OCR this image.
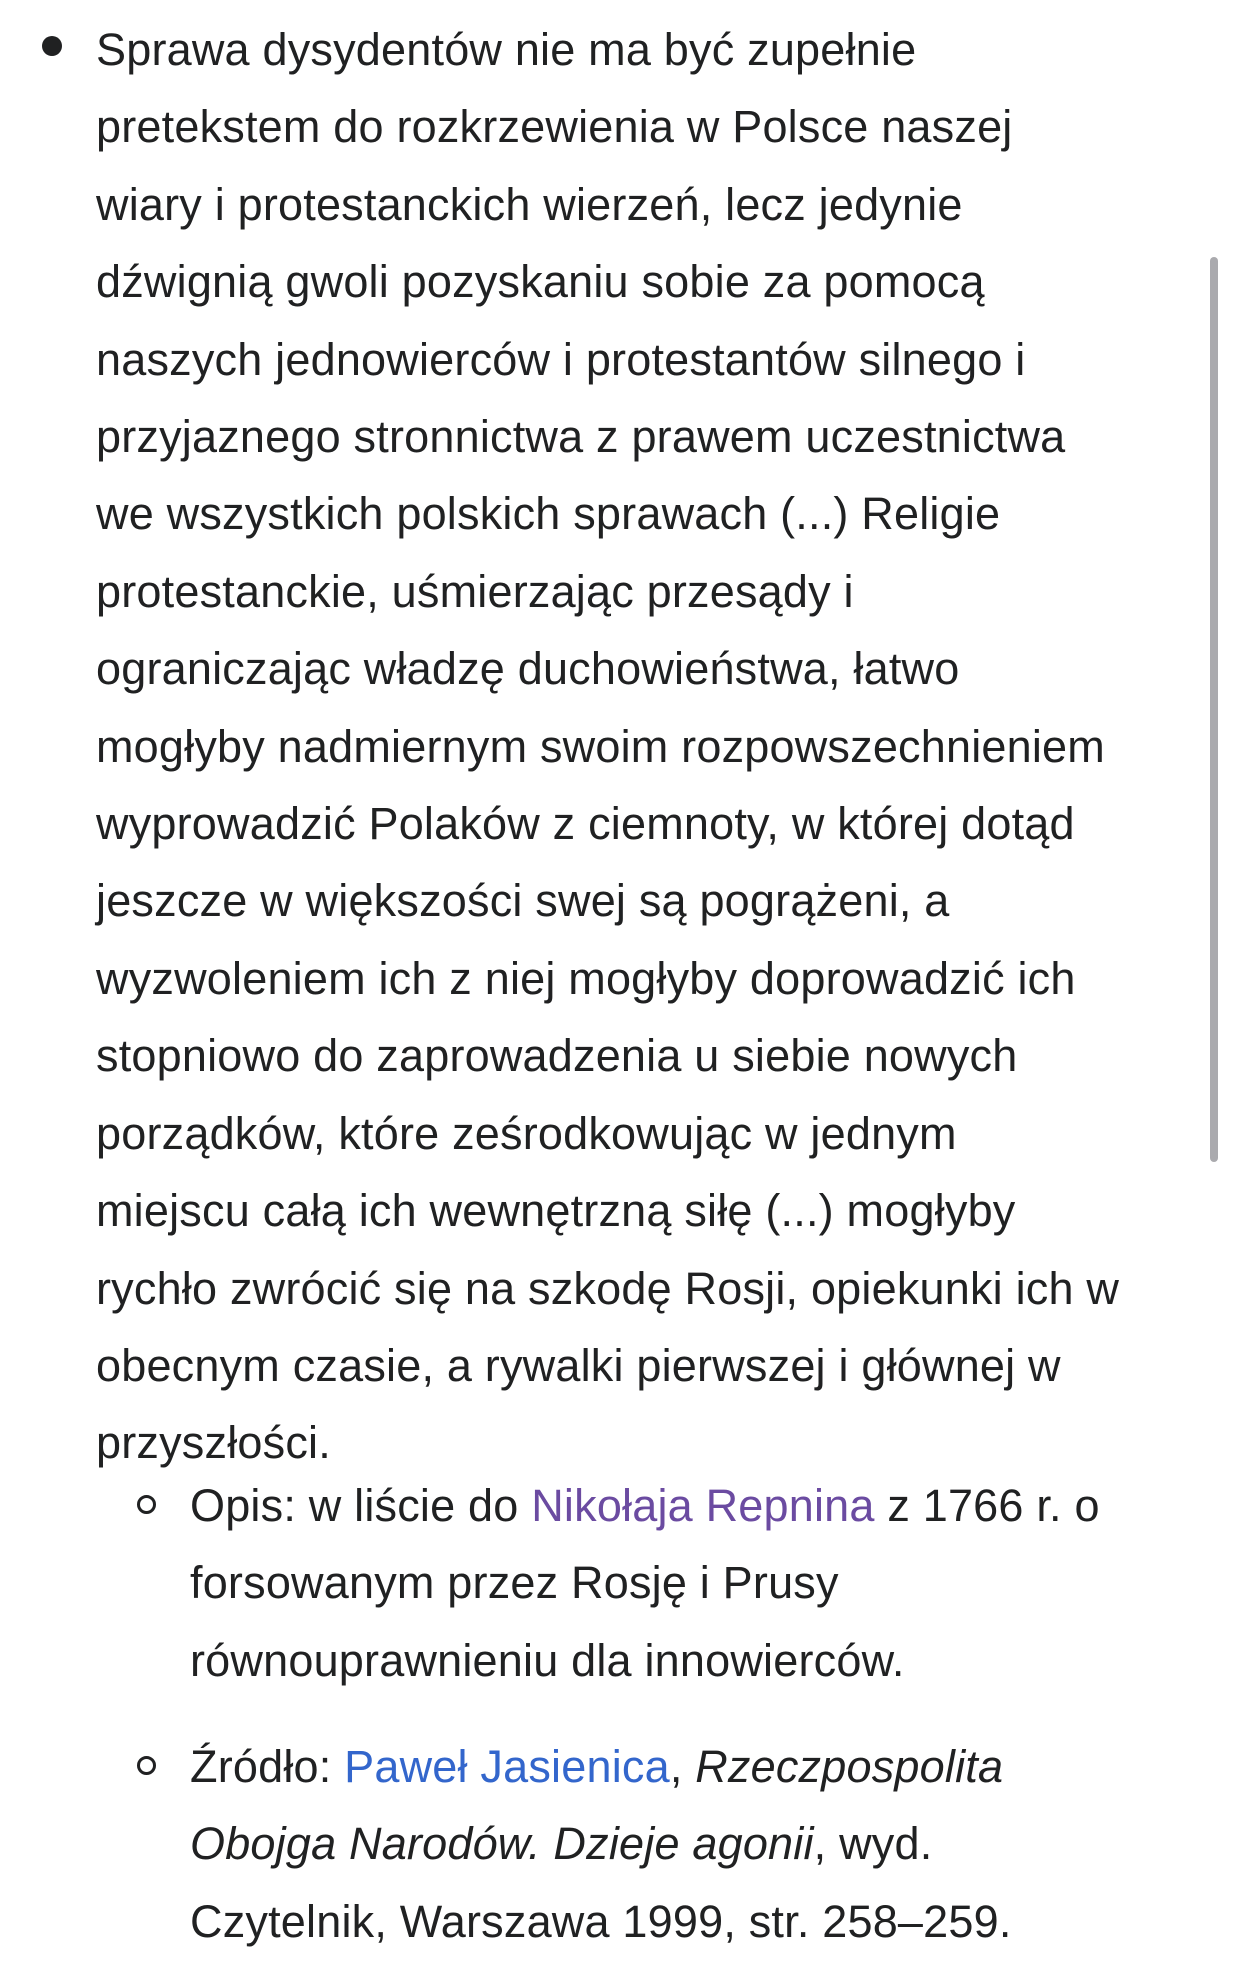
Sprawa dysydentów nie ma być zupełnie
pretekstem do rozkrzewienia w Polsce naszej
wiary i protestanckich wierzeń, lecz jedynie
dźwignią gwoli pozyskaniu sobie za pomocą
naszych jednowierców i protestantów silnego i
przyjaznego stronnictwa z prawem uczestnictwa
we wszystkich polskich sprawach (...) Religie
protestanckie, uśmierzając przesądy i
ograniczając władzę duchowieństwa, łatwo
mogłyby nadmiernym swoim rozpowszechnieniem
wyprowadzić Polaków z ciemnoty, w której dotąd
jeszcze w większości swej są pogrążeni, a
wyzwoleniem ich z niej mogłyby doprowadzić ich
stopniowo do zaprowadzenia u siebie nowych
porządków, które ześrodkowując w jednym
miejscu całą ich wewnętrzną siłę (...) mogłyby
rychło zwrócić się na szkodę Rosji, opiekunki ich w
obecnym czasie, a rywalki pierwszej i głównej w
przyszłości.

Opis: w liście do Nikołaja Repnina z 1766 r. o
forsowanym przez Rosję i Prusy
równouprawnieniu dla innowierców.

Źródło: Paweł Jasienica, Rzeczpospolita
Obojga Narodów. Dzieje agonii, wyd.
Czytelnik, Warszawa 1999, str. 258–259.
